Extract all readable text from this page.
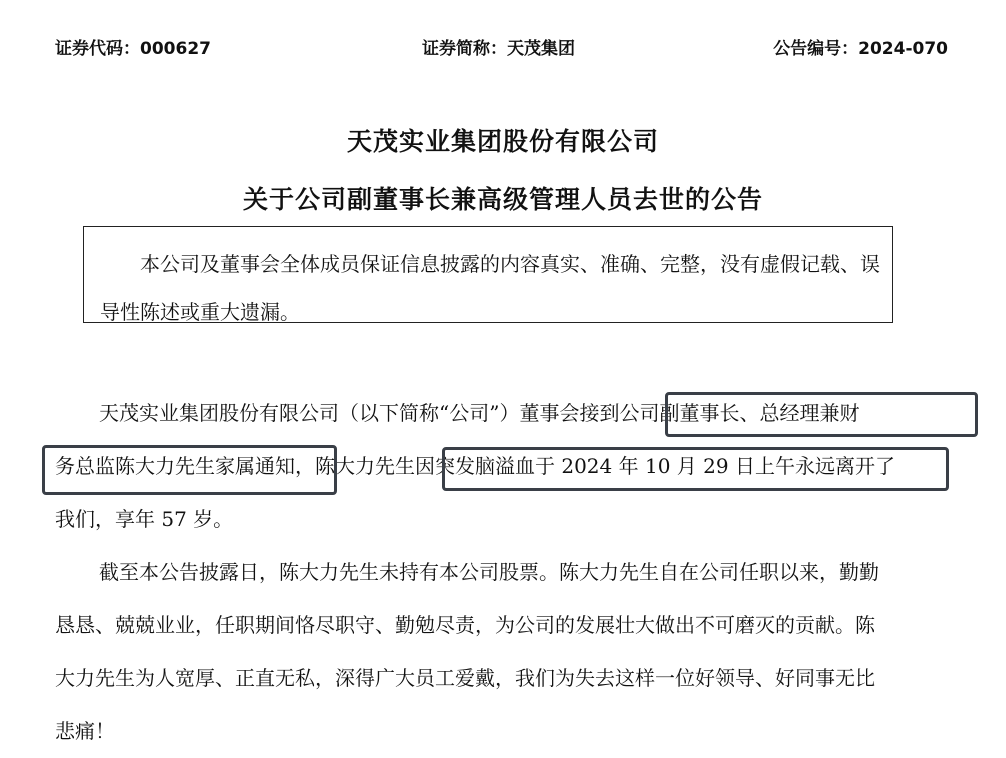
证券代码：000627	证券简称：天茂集团	公告编号：2024-070
天茂实业集团股份有限公司
关于公司副董事长兼高级管理人员去世的公告

本公司及董事会全体成员保证信息披露的内容真实、准确、完整，没有虚假记载、误导性陈述或重大遗漏。

天茂实业集团股份有限公司（以下简称“公司”）董事会接到公司副董事长、总经理兼财
务总监陈大力先生家属通知，陈大力先生因突发脑溢血于 2024 年 10 月 29 日上午永远离开了
我们，享年 57 岁。
截至本公告披露日，陈大力先生未持有本公司股票。陈大力先生自在公司任职以来，勤勤
恳恳、兢兢业业，任职期间恪尽职守、勤勉尽责，为公司的发展壮大做出不可磨灭的贡献。陈
大力先生为人宽厚、正直无私，深得广大员工爱戴，我们为失去这样一位好领导、好同事无比
悲痛！
